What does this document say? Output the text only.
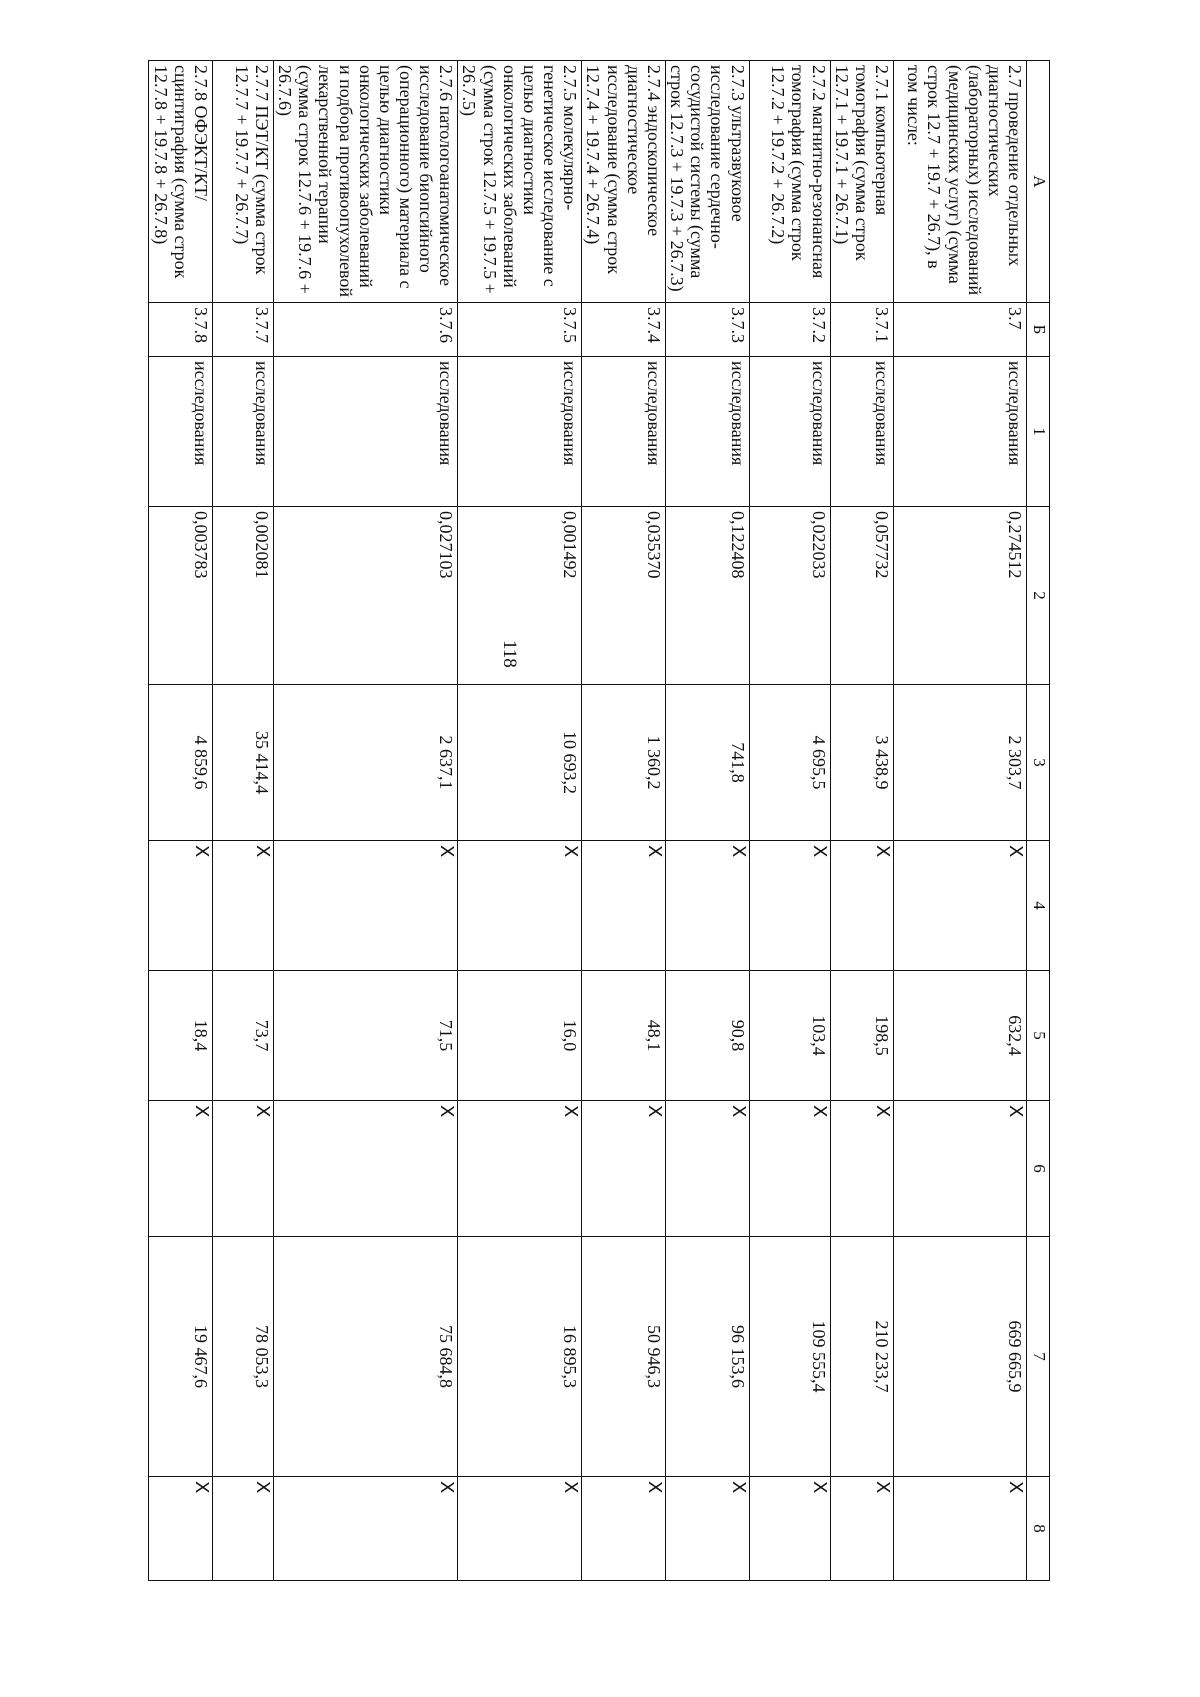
118
A	Б	1	2	3	4	5	6	7	8
2.7 проведение отдельных диагностических (лабораторных) исследований (медицинских услуг) (сумма строк 12.7 + 19.7 + 26.7), в том числе:	3.7	исследования	0,274512	2 303,7	Х	632,4	Х	669 665,9	Х
2.7.1 компьютерная томография (сумма строк 12.7.1 + 19.7.1 + 26.7.1)	3.7.1	исследования	0,057732	3 438,9	Х	198,5	Х	210 233,7	Х
2.7.2 магнитно-резонансная томография (сумма строк 12.7.2 + 19.7.2 + 26.7.2)	3.7.2	исследования	0,022033	4 695,5	Х	103,4	Х	109 555,4	Х
2.7.3 ультразвуковое исследование сердечно-сосудистой системы (сумма строк 12.7.3 + 19.7.3 + 26.7.3)	3.7.3	исследования	0,122408	741,8	Х	90,8	Х	96 153,6	Х
2.7.4 эндоскопическое диагностическое исследование (сумма строк 12.7.4 + 19.7.4 + 26.7.4)	3.7.4	исследования	0,035370	1 360,2	Х	48,1	Х	50 946,3	Х
2.7.5 молекулярно-генетическое исследование с целью диагностики онкологических заболеваний (сумма строк 12.7.5 + 19.7.5 + 26.7.5)	3.7.5	исследования	0,001492	10 693,2	Х	16,0	Х	16 895,3	Х
2.7.6 патологоанатомическое исследование биопсийного (операционного) материала с целью диагностики онкологических заболеваний и подбора противоопухолевой лекарственной терапии (сумма строк 12.7.6 + 19.7.6 + 26.7.6)	3.7.6	исследования	0,027103	2 637,1	Х	71,5	Х	75 684,8	Х
2.7.7 ПЭТ/КТ (сумма строк 12.7.7 + 19.7.7 + 26.7.7)	3.7.7	исследования	0,002081	35 414,4	Х	73,7	Х	78 053,3	Х
2.7.8 ОФЭКТ/КТ/сцинтиграфия (сумма строк 12.7.8 + 19.7.8 + 26.7.8)	3.7.8	исследования	0,003783	4 859,6	Х	18,4	Х	19 467,6	Х
